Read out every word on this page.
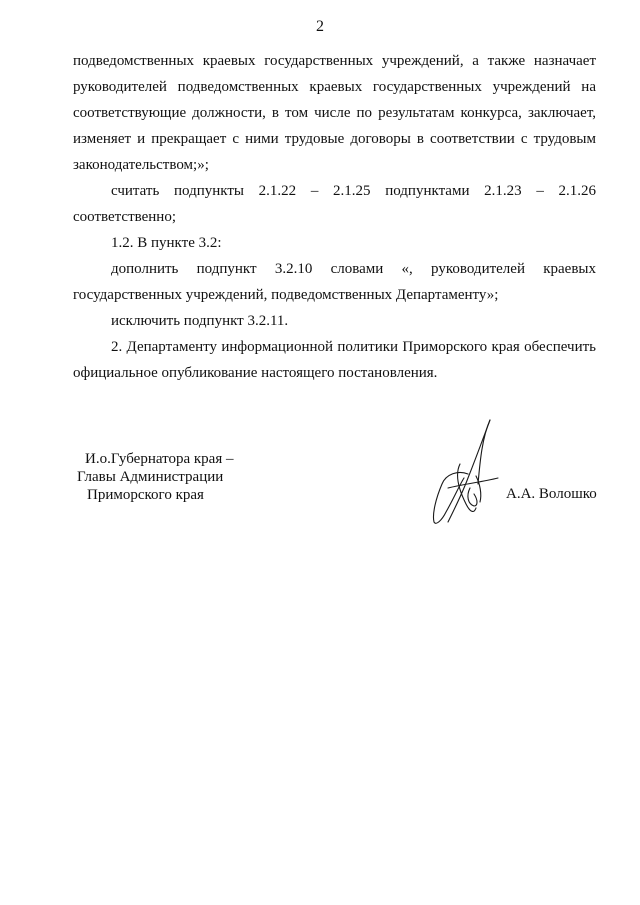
2

подведомственных краевых государственных учреждений, а также назначает руководителей подведомственных краевых государственных учреждений на соответствующие должности, в том числе по результатам конкурса, заключает, изменяет и прекращает с ними трудовые договоры в соответствии с трудовым законодательством;»;

считать подпункты 2.1.22 – 2.1.25 подпунктами 2.1.23 – 2.1.26 соответственно;

1.2. В пункте 3.2:

дополнить подпункт 3.2.10 словами «, руководителей краевых государственных учреждений, подведомственных Департаменту»;

исключить подпункт 3.2.11.

2. Департаменту информационной политики Приморского края обеспечить официальное опубликование настоящего постановления.

И.о.Губернатора края –
Главы Администрации
Приморского края	А.А. Волошко
